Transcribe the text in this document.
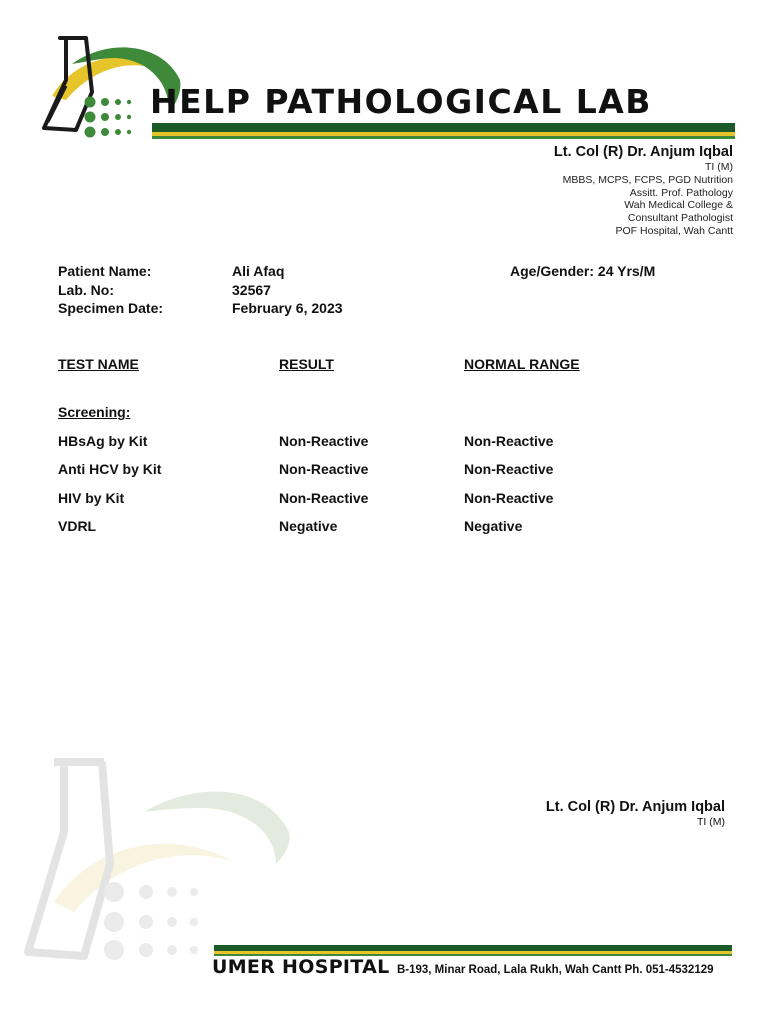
HELP PATHOLOGICAL LAB
Lt. Col (R) Dr. Anjum Iqbal
TI (M)
MBBS, MCPS, FCPS, PGD Nutrition
Assitt. Prof. Pathology
Wah Medical College &
Consultant Pathologist
POF Hospital, Wah Cantt
Patient Name:	Ali Afaq	Age/Gender: 24 Yrs/M
Lab. No:	32567
Specimen Date:	February 6, 2023
TEST NAME	RESULT	NORMAL RANGE
Screening:
HBsAg by Kit	Non-Reactive	Non-Reactive
Anti HCV by Kit	Non-Reactive	Non-Reactive
HIV by Kit	Non-Reactive	Non-Reactive
VDRL	Negative	Negative
Lt. Col (R) Dr. Anjum Iqbal
TI (M)
UMER HOSPITAL B-193, Minar Road, Lala Rukh, Wah Cantt Ph. 051-4532129
